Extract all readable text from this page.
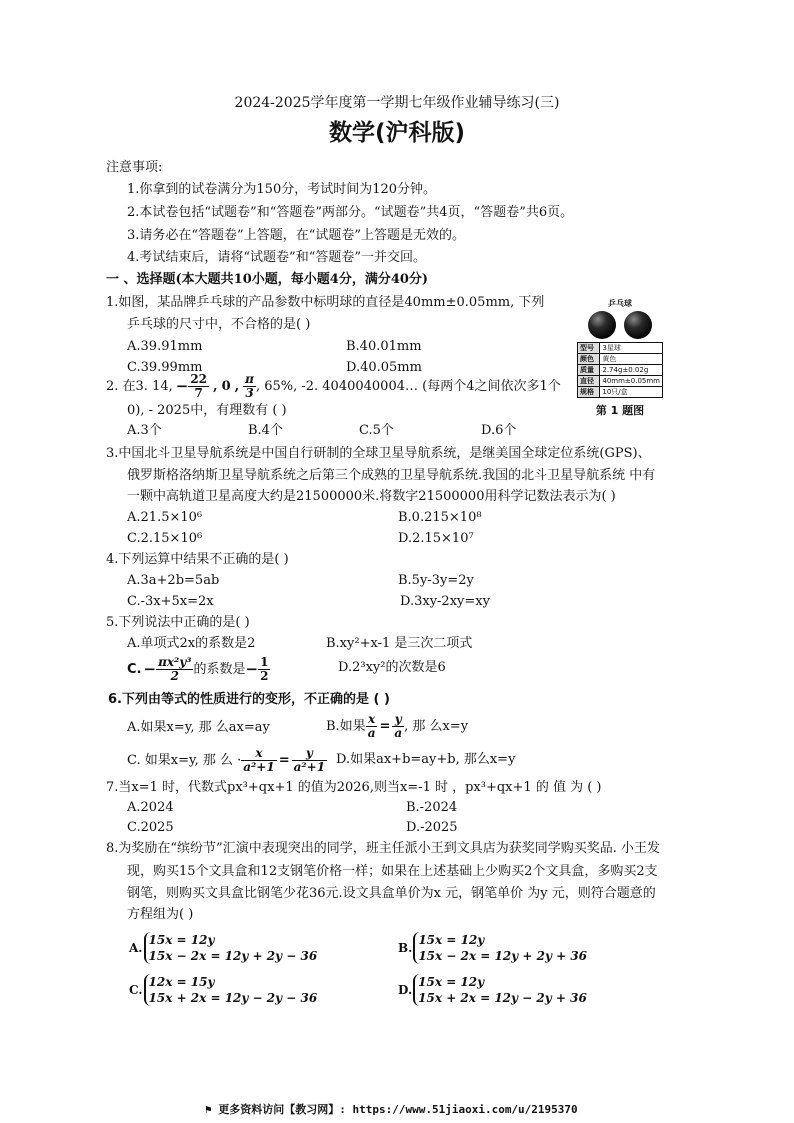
2024-2025学年度第一学期七年级作业辅导练习(三)
数学(沪科版)
注意事项:
1.你拿到的试卷满分为150分，考试时间为120分钟。
2.本试卷包括“试题卷”和“答题卷”两部分。“试题卷”共4页，“答题卷”共6页。
3.请务必在“答题卷”上答题，在“试题卷”上答题是无效的。
4.考试结束后，请将“试题卷”和“答题卷”一并交回。
一 、选择题(本大题共10小题，每小题4分，满分40分)
乒乓球
型号	3星球
颜色	黄色
质量	2.74g±0.02g
直径	40mm±0.05mm
规格	10只/盒
第 1 题图
1.如图，某品牌乒乓球的产品参数中标明球的直径是40mm±0.05mm, 下列
乒乓球的尺寸中，不合格的是( )
A.39.91mm	B.40.01mm
C.39.99mm	D.40.05mm
2. 在3. 14, − $\frac{22}{7}$ , 0 , $\frac{\pi}{3}$ , 65%, -2. 4040040004… (每两个4之间依次多1个
0), - 2025中，有理数有 ( )
A.3个	B.4个	C.5个	D.6个
3.中国北斗卫星导航系统是中国自行研制的全球卫星导航系统，是继美国全球定位系统(GPS)、
俄罗斯格洛纳斯卫星导航系统之后第三个成熟的卫星导航系统.我国的北斗卫星导航系统 中有
一颗中高轨道卫星高度大约是21500000米.将数字21500000用科学记数法表示为( )
A.21.5×10⁶	B.0.215×10⁸
C.2.15×10⁶	D.2.15×10⁷
4.下列运算中结果不正确的是( )
A.3a+2b=5ab	B.5y-3y=2y
C.-3x+5x=2x	D.3xy-2xy=xy
5.下列说法中正确的是( )
A.单项式2x的系数是2	B.xy²+x-1 是三次二项式
C. − $\frac{\text{πx²y³}}{2}$ 的系数是 − $\frac{1}{2}$	D.2³xy²的次数是6
6.下列由等式的性质进行的变形，不正确的是 ( )
A.如果x=y, 那 么ax=ay	B.如果 $\frac{x}{a} = \frac{y}{a}$ , 那 么x=y
C. 如果x=y, 那 么 · $\frac{x}{\text{a²+1}} = \frac{y}{\text{a²+1}} D$.如果ax+b=ay+b, 那么x=y
7.当x=1 时，代数式px³+qx+1 的值为2026,则当x=-1 时 ，px³+qx+1 的 值 为 ( )
A.2024	B.-2024
C.2025	D.-2025
8.为奖励在“缤纷节”汇演中表现突出的同学，班主任派小王到文具店为获奖同学购买奖品. 小王发
现，购买15个文具盒和12支钢笔价格一样；如果在上述基础上少购买2个文具盒，多购买2支
钢笔，则购买文具盒比钢笔少花36元.设文具盒单价为x 元，钢笔单价 为y 元，则符合题意的
方程组为( )
A.
15x = 12y
15x − 2x = 12y + 2y − 36
B.
15x = 12y
15x − 2x = 12y + 2y + 36
C.
12x = 15y
15x + 2x = 12y − 2y − 36
D.
15x = 12y
15x + 2x = 12y − 2y + 36
⚑ 更多资料访问【教习网】: https://www.51jiaoxi.com/u/2195370
